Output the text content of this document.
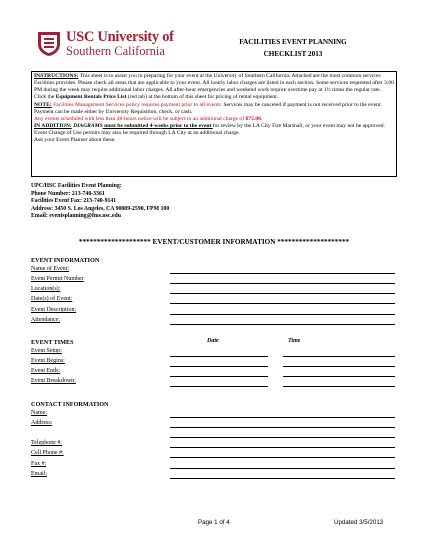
USC University of
Southern California
FACILITIES EVENT PLANNING
CHECKLIST 2013
INSTRUCTIONS: This sheet is to assist you in preparing for your event at the University of Southern California. Attached are the most common services Facilities provides. Please check all areas that are applicable to your event. All hourly labor charges are listed in each section. Some services requested after 3:00 PM during the week may require additional labor charges. All after-hour emergencies and weekend work require overtime pay at 1½ times the regular rate.
Click the Equipment Rentals Price List (red tab) at the bottom of this sheet for pricing of rental equipment.
NOTE: Facilities Management Services policy requires payment prior to all events. Services may be canceled if payment is not received prior to the event. Payment can be made either by University Requisition, check, or cash.
Any events scheduled with less than 48-hours notice will be subject to an additional charge of $75.00.
IN ADDITION: DIAGRAMS must be submitted 4-weeks prior to the event for review by the LA City Fire Marshall, or your event may not be approved. Event Change of Use permits may also be required through LA City at an additional charge.
Ask your Event Planner about these.
UPC/HSC Facilities Event Planning:
Phone Number: 213-740-3361
Facilities Event Fax: 213-740-9141
Address: 3450 S. Los Angeles, CA 90089-2590, FPM 100
Email: eventsplanning@fms.usc.edu
******************** EVENT/CUSTOMER INFORMATION ********************
EVENT INFORMATION
Name of Event:
Event Permit Number
Location(s):
Date(s) of Event:
Event Description:
Attendance:
EVENT TIMES	Date	Time
Event Setup:
Event Begins:
Event Ends:
Event Breakdown:
CONTACT INFORMATION
Name:
Address:
Telephone #:
Cell Phone #:
Fax #:
Email:
Page 1 of 4	Updated 3/5/2013
